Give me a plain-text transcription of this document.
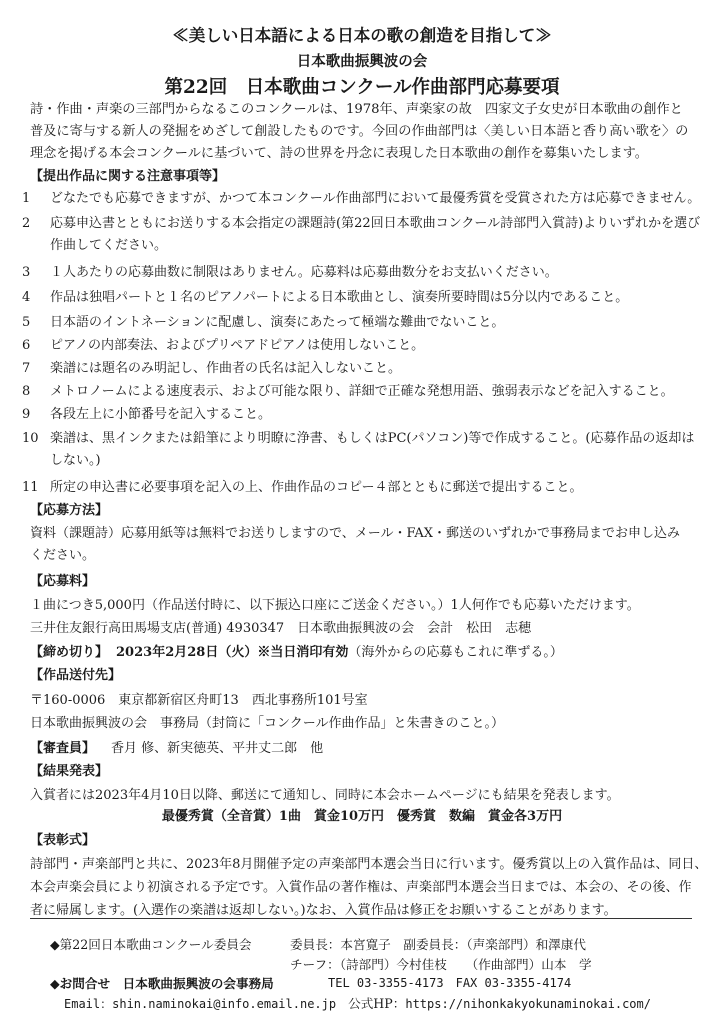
≪美しい日本語による日本の歌の創造を目指して≫
日本歌曲振興波の会
第22回　日本歌曲コンクール作曲部門応募要項

詩・作曲・声楽の三部門からなるこのコンクールは、1978年、声楽家の故　四家文子女史が日本歌曲の創作と

普及に寄与する新人の発掘をめざして創設したものです。今回の作曲部門は〈美しい日本語と香り高い歌を〉の

理念を掲げる本会コンクールに基づいて、詩の世界を丹念に表現した日本歌曲の創作を募集いたします。

【提出作品に関する注意事項等】
1	どなたでも応募できますが、かつて本コンクール作曲部門において最優秀賞を受賞された方は応募できません。
2	応募申込書とともにお送りする本会指定の課題詩(第22回日本歌曲コンクール詩部門入賞詩)よりいずれかを選び
作曲してください。
3	１人あたりの応募曲数に制限はありません。応募料は応募曲数分をお支払いください。
4	作品は独唱パートと１名のピアノパートによる日本歌曲とし、演奏所要時間は5分以内であること。
5	日本語のイントネーションに配慮し、演奏にあたって極端な難曲でないこと。
6	ピアノの内部奏法、およびプリペアドピアノは使用しないこと。
7	楽譜には題名のみ明記し、作曲者の氏名は記入しないこと。
8	メトロノームによる速度表示、および可能な限り、詳細で正確な発想用語、強弱表示などを記入すること。
9	各段左上に小節番号を記入すること。
10 楽譜は、黒インクまたは鉛筆により明瞭に浄書、もしくはPC(パソコン)等で作成すること。(応募作品の返却は
しない。)
11 所定の申込書に必要事項を記入の上、作曲作品のコピー４部とともに郵送で提出すること。
【応募方法】
資料（課題詩）応募用紙等は無料でお送りしますので、メール・FAX・郵送のいずれかで事務局までお申し込み
ください。
【応募料】
１曲につき5,000円（作品送付時に、以下振込口座にご送金ください。）1人何作でも応募いただけます。
三井住友銀行高田馬場支店(普通) 4930347　日本歌曲振興波の会　会計　松田　志穂
【締め切り】 2023年2月28日（火）※当日消印有効（海外からの応募もこれに準ずる。）
【作品送付先】
〒160-0006　東京都新宿区舟町13　西北事務所101号室
日本歌曲振興波の会　事務局（封筒に「コンクール作曲作品」と朱書きのこと。）
【審査員】 香月 修、新実徳英、平井丈二郎　他
【結果発表】
入賞者には2023年4月10日以降、郵送にて通知し、同時に本会ホームページにも結果を発表します。
最優秀賞（全音賞）1曲　賞金10万円　優秀賞　数編　賞金各3万円
【表彰式】
詩部門・声楽部門と共に、2023年8月開催予定の声楽部門本選会当日に行います。優秀賞以上の入賞作品は、同日、
本会声楽会員により初演される予定です。入賞作品の著作権は、声楽部門本選会当日までは、本会の、その後、作
者に帰属します。(入選作の楽譜は返却しない。)なお、入賞作品は修正をお願いすることがあります。
◆第22回日本歌曲コンクール委員会	委員長：本宮寛子　副委員長：（声楽部門）和澤康代
チーフ：（詩部門）今村佳枝　　（作曲部門）山本　学
◆お問合せ　日本歌曲振興波の会事務局	TEL 03-3355-4173　FAX 03-3355-4174
Email：shin.naminokai@info.email.ne.jp 公式HP：https://nihonkakyokunaminokai.com/
